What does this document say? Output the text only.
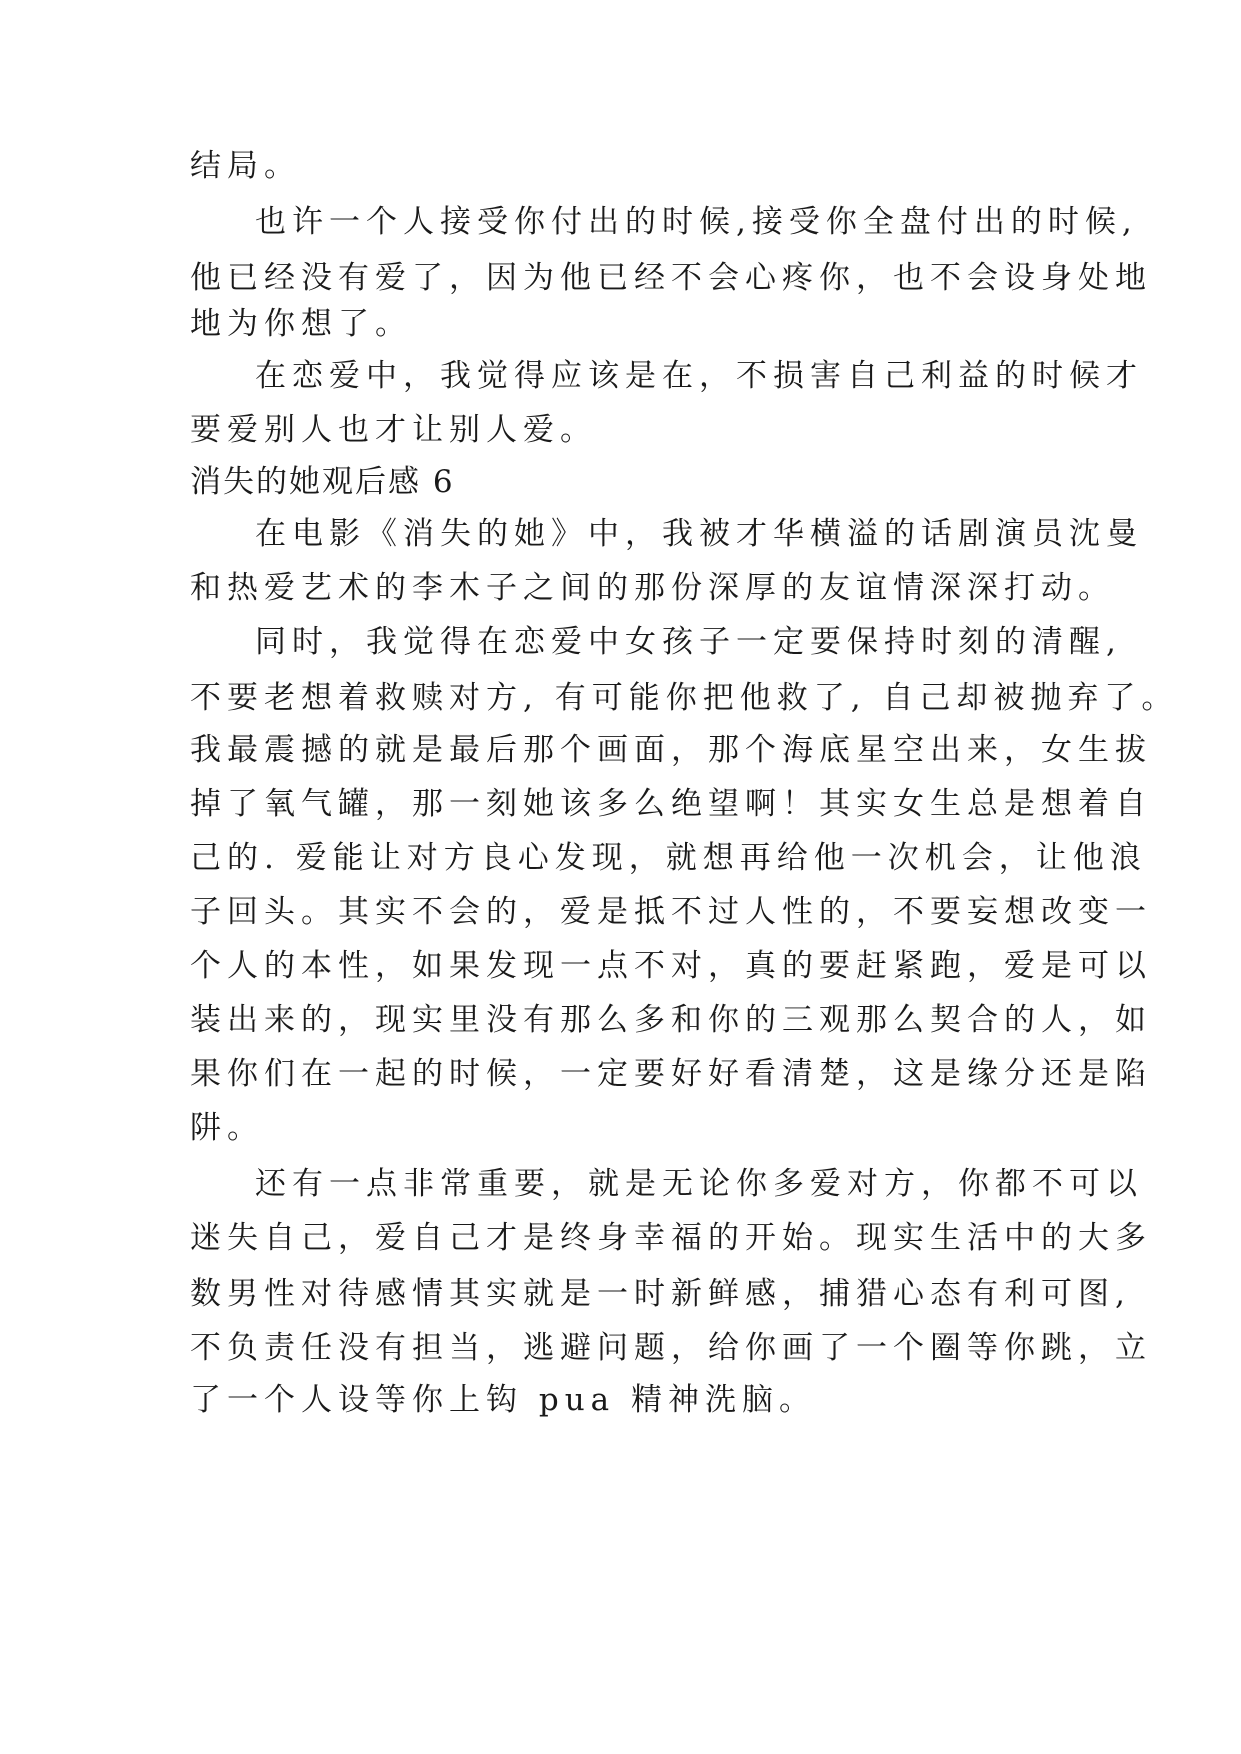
结局。
也许一个人接受你付出的时候,接受你全盘付出的时候,
他已经没有爱了，因为他已经不会心疼你，也不会设身处地
地为你想了。
在恋爱中，我觉得应该是在，不损害自己利益的时候才
要爱别人也才让别人爱。
消失的她观后感 6
在电影《消失的她》中，我被才华横溢的话剧演员沈曼
和热爱艺术的李木子之间的那份深厚的友谊情深深打动。
同时，我觉得在恋爱中女孩子一定要保持时刻的清醒,
不要老想着救赎对方, 有可能你把他救了, 自己却被抛弃了。
我最震撼的就是最后那个画面，那个海底星空出来，女生拔
掉了氧气罐，那一刻她该多么绝望啊！其实女生总是想着自
己的. 爱能让对方良心发现，就想再给他一次机会，让他浪
子回头。其实不会的，爱是抵不过人性的，不要妄想改变一
个人的本性，如果发现一点不对，真的要赶紧跑，爱是可以
装出来的，现实里没有那么多和你的三观那么契合的人，如
果你们在一起的时候，一定要好好看清楚，这是缘分还是陷
阱。
还有一点非常重要，就是无论你多爱对方，你都不可以
迷失自己，爱自己才是终身幸福的开始。现实生活中的大多
数男性对待感情其实就是一时新鲜感，捕猎心态有利可图,
不负责任没有担当，逃避问题，给你画了一个圈等你跳，立
了一个人设等你上钩 pua 精神洗脑。
